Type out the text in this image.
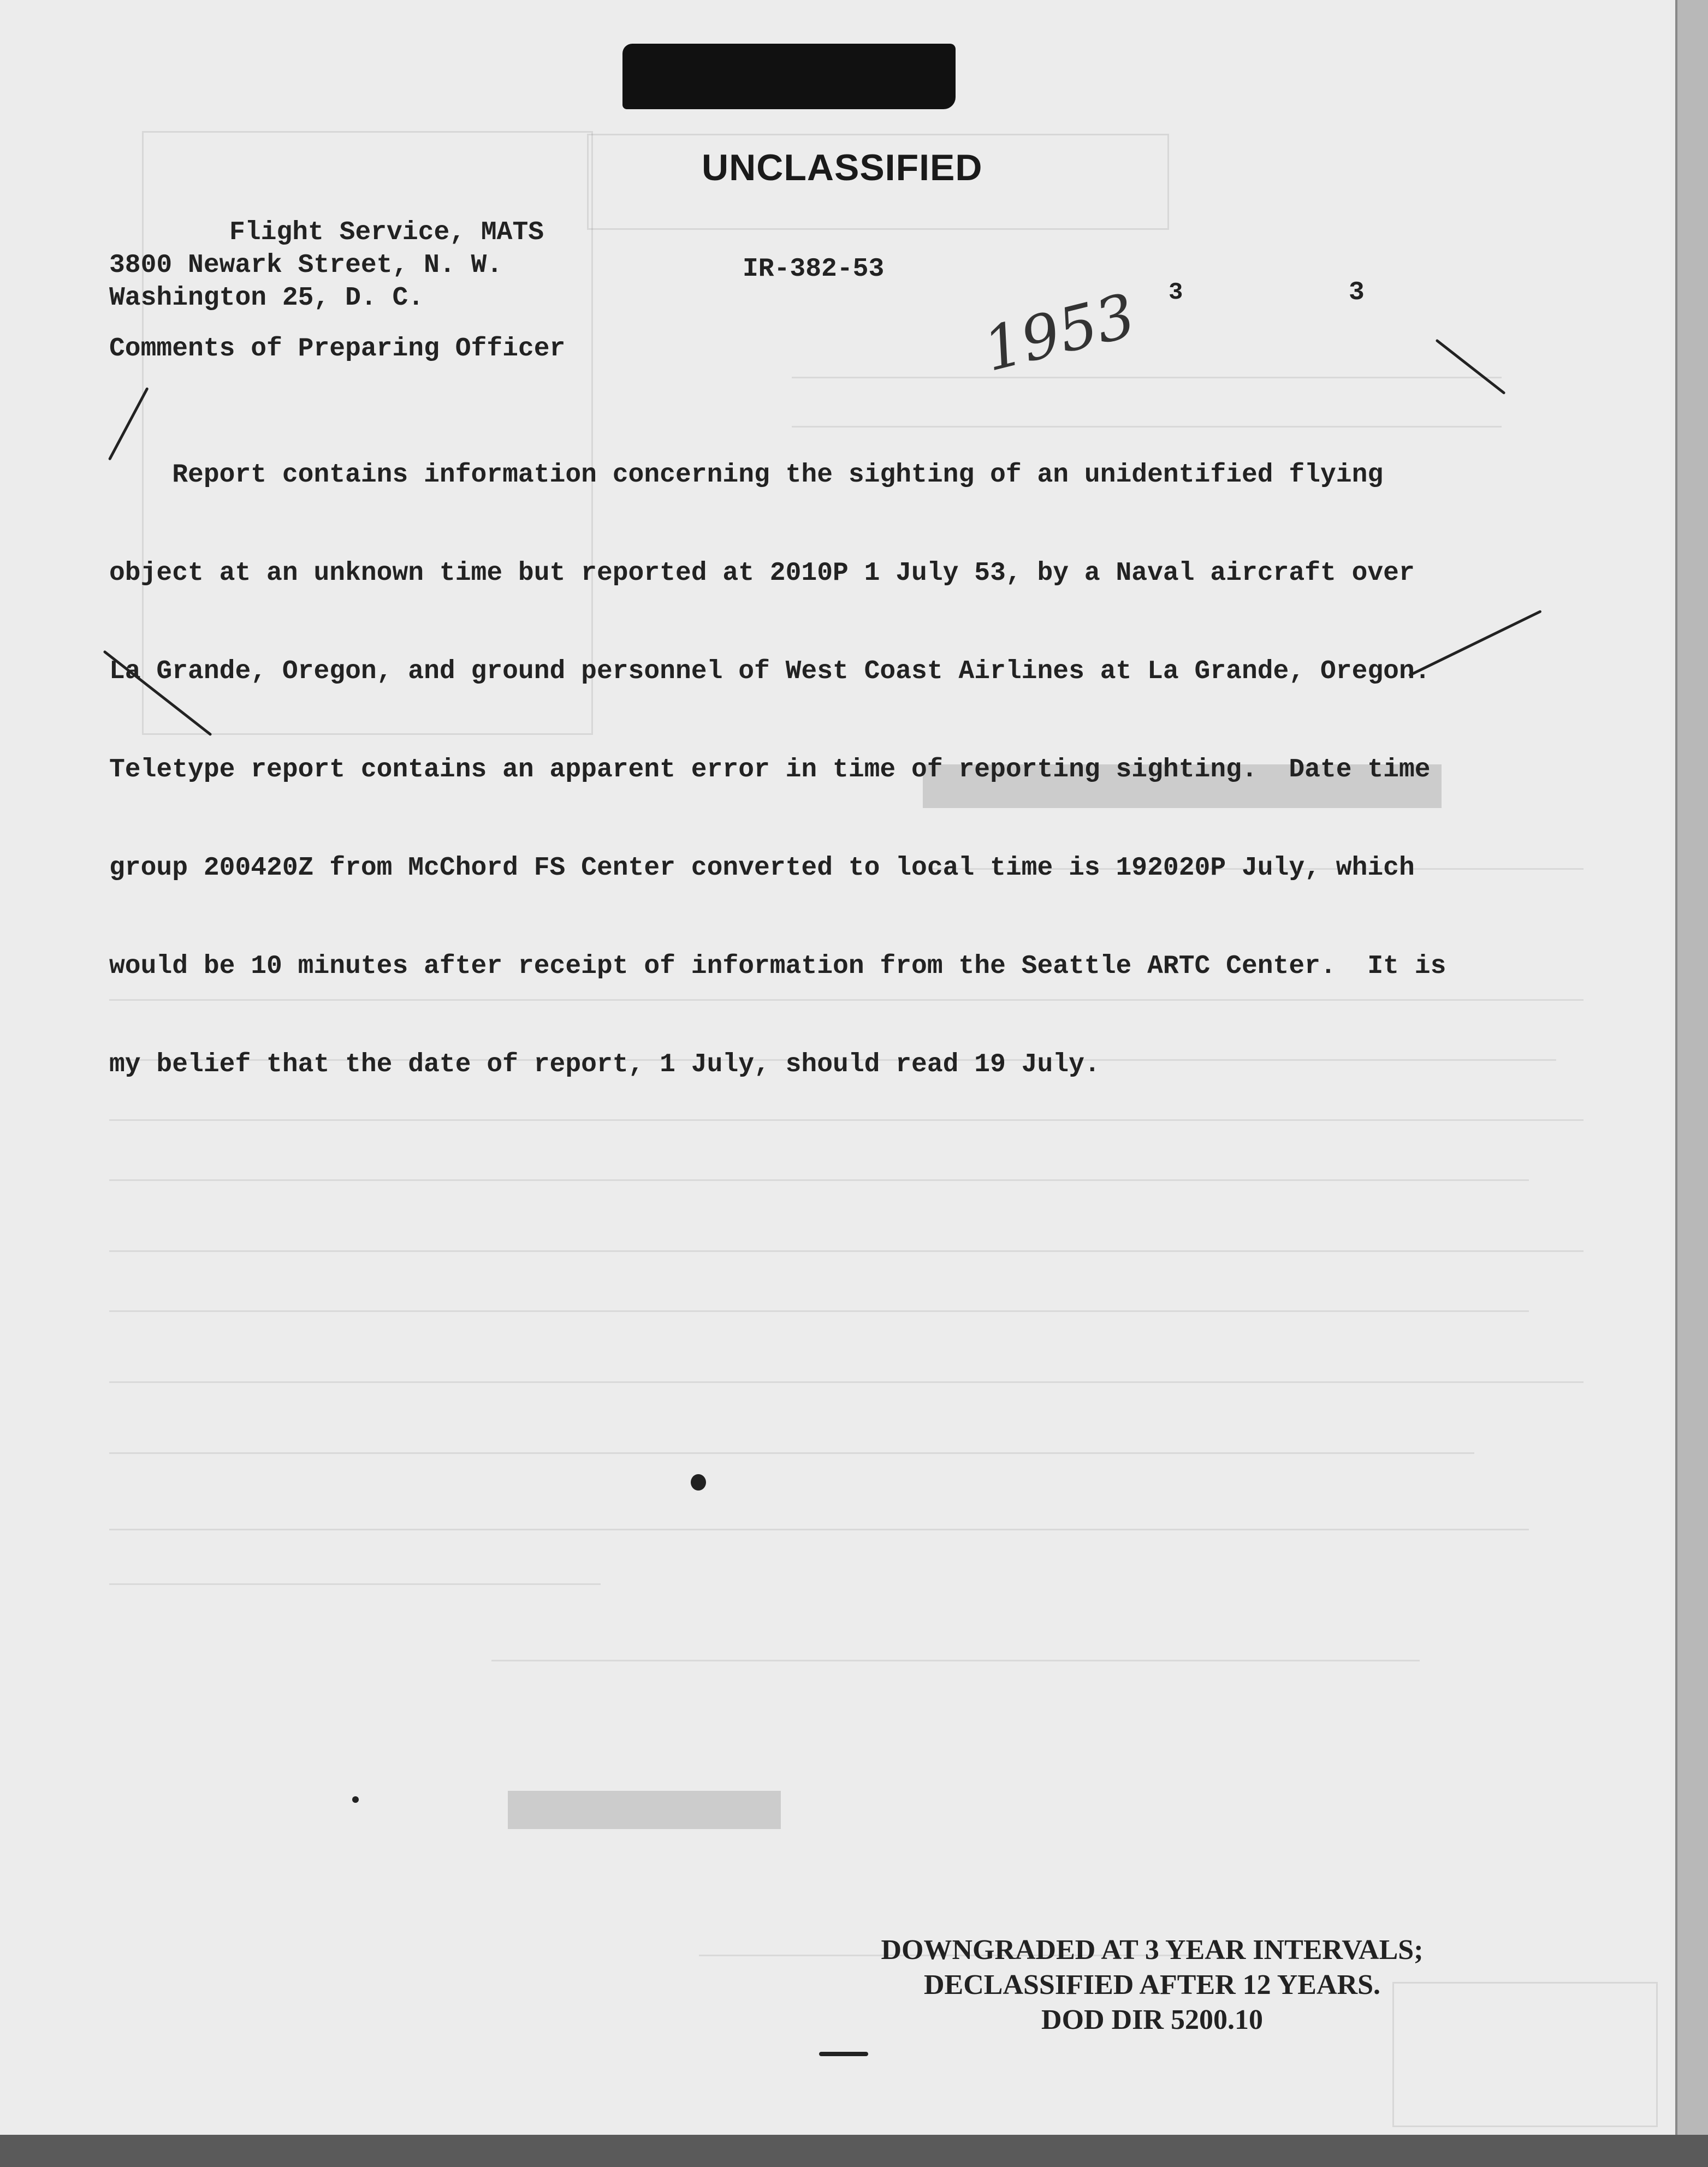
UNCLASSIFIED
Flight Service, MATS
3800 Newark Street, N. W.
Washington 25, D. C.
IR-382-53
1953 3	3
Comments of Preparing Officer

Report contains information concerning the sighting of an unidentified flying

object at an unknown time but reported at 2010P 1 July 53, by a Naval aircraft over

La Grande, Oregon, and ground personnel of West Coast Airlines at La Grande, Oregon.

Teletype report contains an apparent error in time of reporting sighting.  Date time

group 200420Z from McChord FS Center converted to local time is 192020P July, which

would be 10 minutes after receipt of information from the Seattle ARTC Center.  It is

my belief that the date of report, 1 July, should read 19 July.

DOWNGRADED AT 3 YEAR INTERVALS;
DECLASSIFIED AFTER 12 YEARS.
DOD DIR 5200.10
